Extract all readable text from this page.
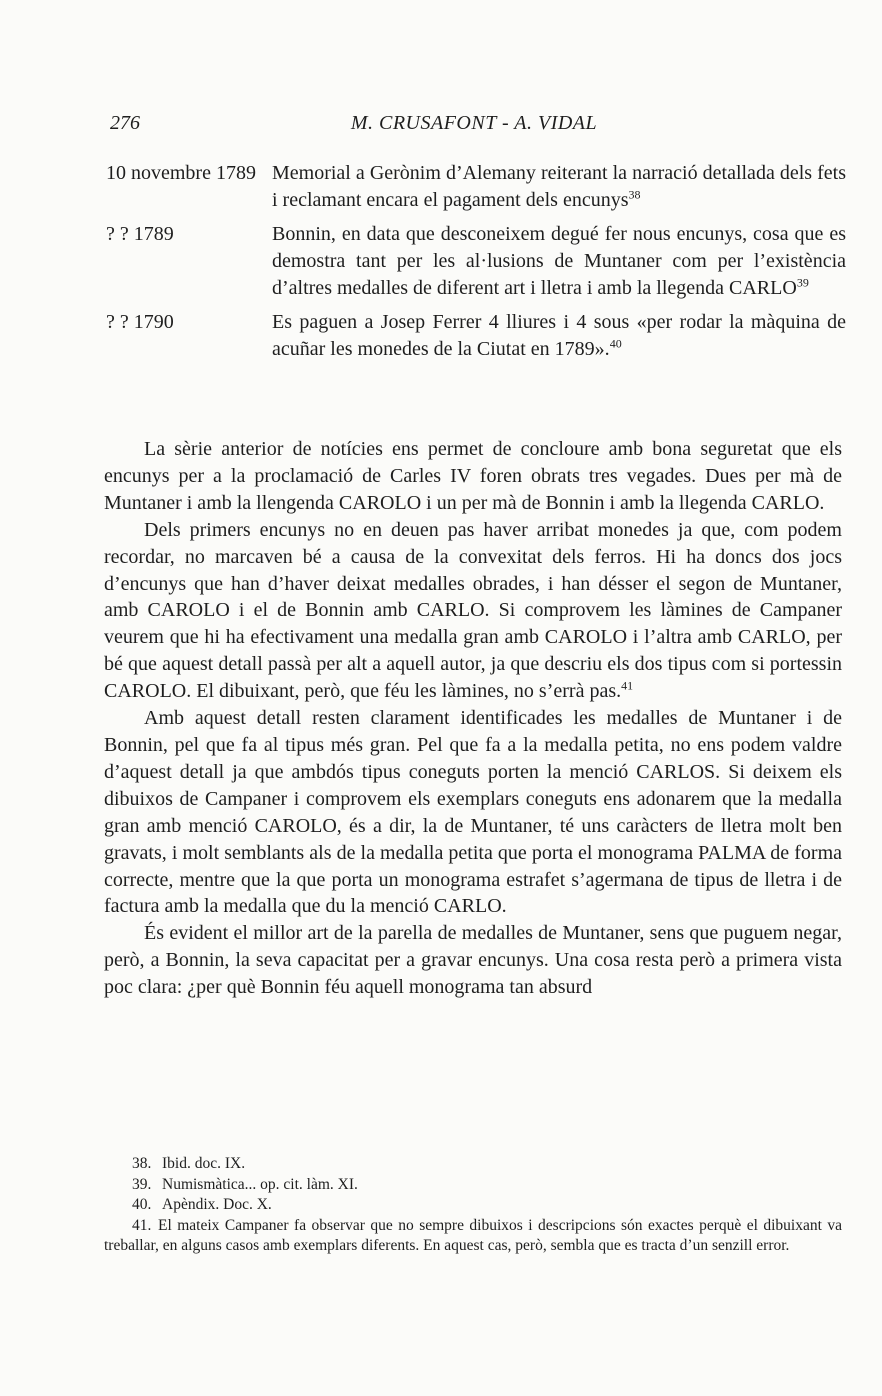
276	M. CRUSAFONT - A. VIDAL
10 novembre 1789 Memorial a Gerònim d’Alemany reiterant la narració detallada dels fets i reclamant encara el pagament dels encunys$^{38}$
? ? 1789	Bonnin, en data que desconeixem degué fer nous encunys, cosa que es demostra tant per les al·lusions de Muntaner com per l’existència d’altres medalles de diferent art i lletra i amb la llegenda CARLO$^{39}$
? ? 1790	Es paguen a Josep Ferrer 4 lliures i 4 sous «per rodar la màquina de acuñar les monedes de la Ciutat en 1789».$^{40}$

La sèrie anterior de notícies ens permet de concloure amb bona seguretat que els encunys per a la proclamació de Carles IV foren obrats tres vegades. Dues per mà de Muntaner i amb la llengenda CAROLO i un per mà de Bonnin i amb la llegenda CARLO.

Dels primers encunys no en deuen pas haver arribat monedes ja que, com podem recordar, no marcaven bé a causa de la convexitat dels ferros. Hi ha doncs dos jocs d’encunys que han d’haver deixat medalles obrades, i han désser el segon de Muntaner, amb CAROLO i el de Bonnin amb CARLO. Si comprovem les làmines de Campaner veurem que hi ha efectivament una medalla gran amb CAROLO i l’altra amb CARLO, per bé que aquest detall passà per alt a aquell autor, ja que descriu els dos tipus com si portessin CAROLO. El dibuixant, però, que féu les làmines, no s’errà pas.$^{41}$

Amb aquest detall resten clarament identificades les medalles de Muntaner i de Bonnin, pel que fa al tipus més gran. Pel que fa a la medalla petita, no ens podem valdre d’aquest detall ja que ambdós tipus coneguts porten la menció CARLOS. Si deixem els dibuixos de Campaner i comprovem els exemplars coneguts ens adonarem que la medalla gran amb menció CAROLO, és a dir, la de Muntaner, té uns caràcters de lletra molt ben gravats, i molt semblants als de la medalla petita que porta el monograma PALMA de forma correcte, mentre que la que porta un monograma estrafet s’agermana de tipus de lletra i de factura amb la medalla que du la menció CARLO.

És evident el millor art de la parella de medalles de Muntaner, sens que puguem negar, però, a Bonnin, la seva capacitat per a gravar encunys. Una cosa resta però a primera vista poc clara: ¿per què Bonnin féu aquell monograma tan absurd

38. Ibid. doc. IX.
39. Numismàtica... op. cit. làm. XI.
40. Apèndix. Doc. X.
41. El mateix Campaner fa observar que no sempre dibuixos i descripcions són exactes perquè el dibuixant va treballar, en alguns casos amb exemplars diferents. En aquest cas, però, sembla que es tracta d’un senzill error.
